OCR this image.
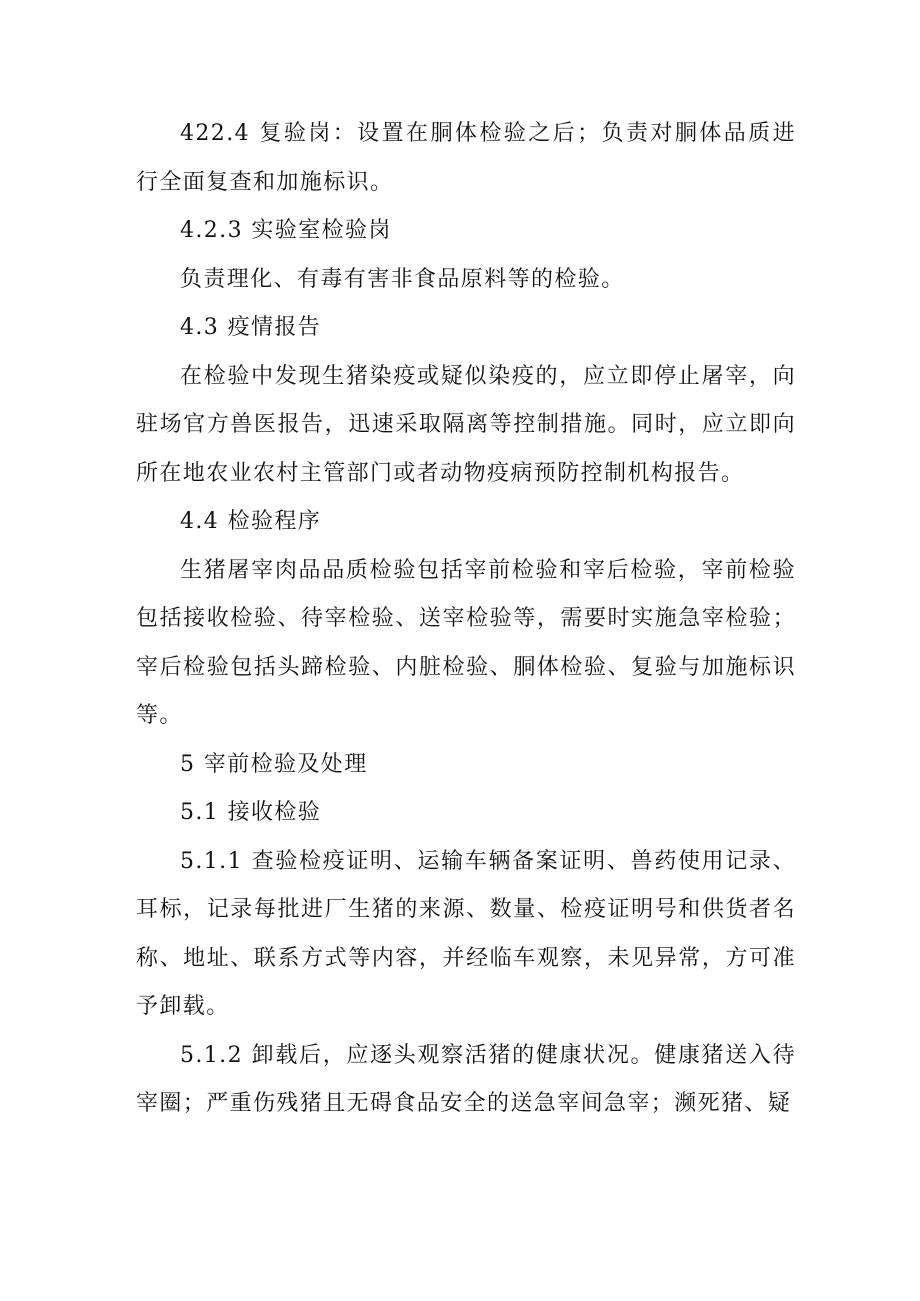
422.4 复验岗：设置在胴体检验之后；负责对胴体品质进行全面复查和加施标识。

4.2.3 实验室检验岗

负责理化、有毒有害非食品原料等的检验。

4.3 疫情报告

在检验中发现生猪染疫或疑似染疫的，应立即停止屠宰，向驻场官方兽医报告，迅速采取隔离等控制措施。同时，应立即向所在地农业农村主管部门或者动物疫病预防控制机构报告。

4.4 检验程序

生猪屠宰肉品品质检验包括宰前检验和宰后检验，宰前检验包括接收检验、待宰检验、送宰检验等，需要时实施急宰检验；宰后检验包括头蹄检验、内脏检验、胴体检验、复验与加施标识等。

5 宰前检验及处理

5.1 接收检验

5.1.1 查验检疫证明、运输车辆备案证明、兽药使用记录、耳标，记录每批进厂生猪的来源、数量、检疫证明号和供货者名称、地址、联系方式等内容，并经临车观察，未见异常，方可准予卸载。

5.1.2 卸载后，应逐头观察活猪的健康状况。健康猪送入待宰圈；严重伤残猪且无碍食品安全的送急宰间急宰；濒死猪、疑
